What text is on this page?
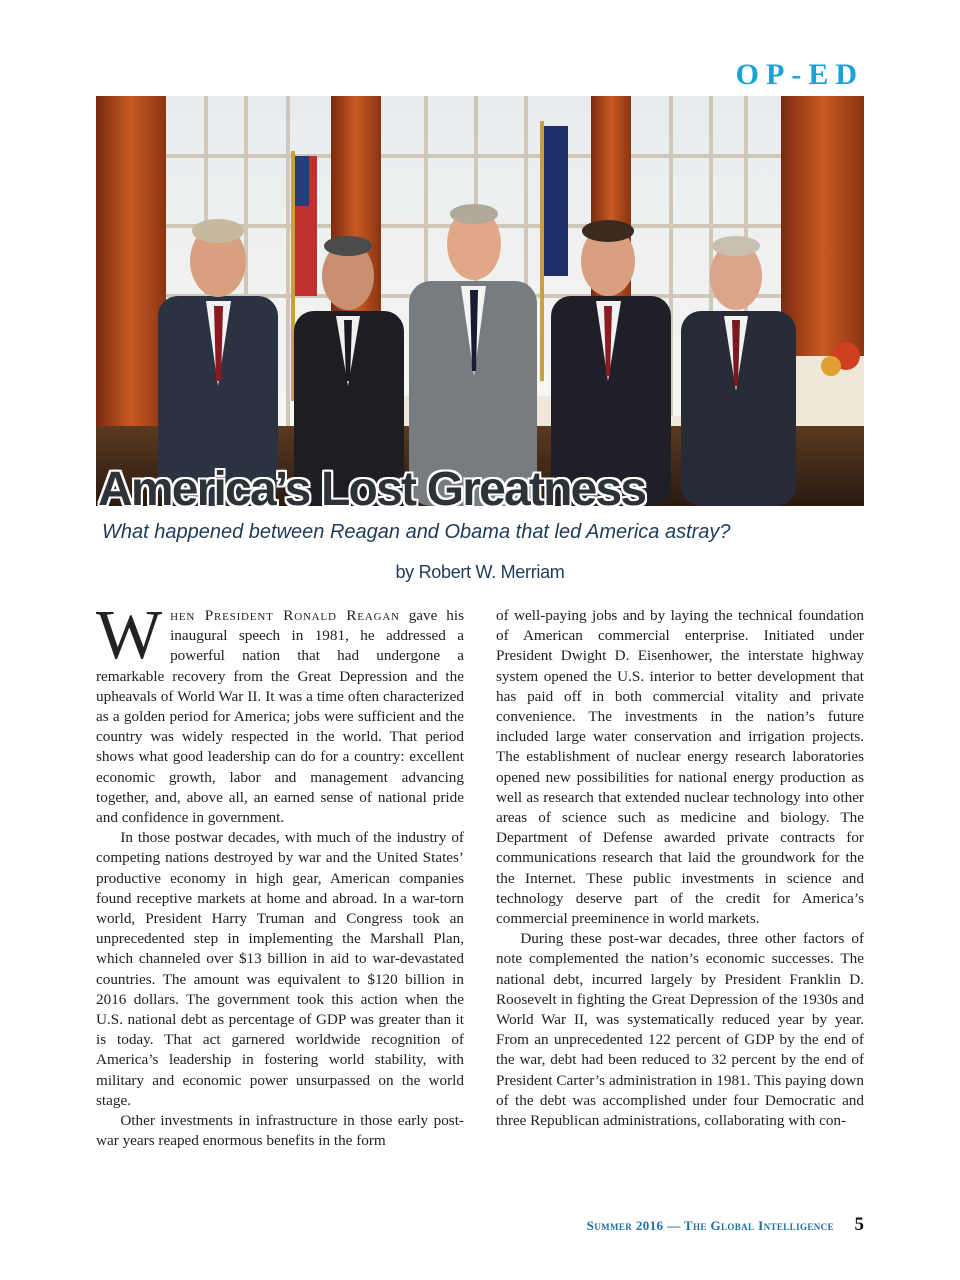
OP-ED
America’s Lost Greatness

What happened between Reagan and Obama that led America astray?

by Robert W. Merriam

When President Ronald Reagan gave his inaugural speech in 1981, he addressed a powerful nation that had undergone a remarkable recovery from the Great Depression and the upheavals of World War II. It was a time often characterized as a golden period for America; jobs were sufficient and the country was widely respected in the world. That period shows what good leadership can do for a country: excellent economic growth, labor and management advancing together, and, above all, an earned sense of national pride and confidence in government.

In those postwar decades, with much of the industry of competing nations destroyed by war and the United States’ productive economy in high gear, American companies found receptive markets at home and abroad. In a war-torn world, President Harry Truman and Congress took an unprecedented step in implementing the Marshall Plan, which channeled over $13 billion in aid to war-devastated countries. The amount was equivalent to $120 billion in 2016 dollars. The government took this action when the U.S. national debt as percentage of GDP was greater than it is today. That act garnered worldwide recognition of America’s leadership in fostering world stability, with military and economic power unsurpassed on the world stage.

Other investments in infrastructure in those early post-war years reaped enormous benefits in the form

of well-paying jobs and by laying the technical foundation of American commercial enterprise. Initiated under President Dwight D. Eisenhower, the interstate highway system opened the U.S. interior to better development that has paid off in both commercial vitality and private convenience. The investments in the nation’s future included large water conservation and irrigation projects. The establishment of nuclear energy research laboratories opened new possibilities for national energy production as well as research that extended nuclear technology into other areas of science such as medicine and biology. The Department of Defense awarded private contracts for communications research that laid the groundwork for the the Internet. These public investments in science and technology deserve part of the credit for America’s commercial preeminence in world markets.

During these post-war decades, three other factors of note complemented the nation’s economic successes. The national debt, incurred largely by President Franklin D. Roosevelt in fighting the Great Depression of the 1930s and World War II, was systematically reduced year by year. From an unprecedented 122 percent of GDP by the end of the war, debt had been reduced to 32 percent by the end of President Carter’s administration in 1981. This paying down of the debt was accomplished under four Democratic and three Republican administrations, collaborating with con-

Summer 2016 — The Global Intelligence	5
